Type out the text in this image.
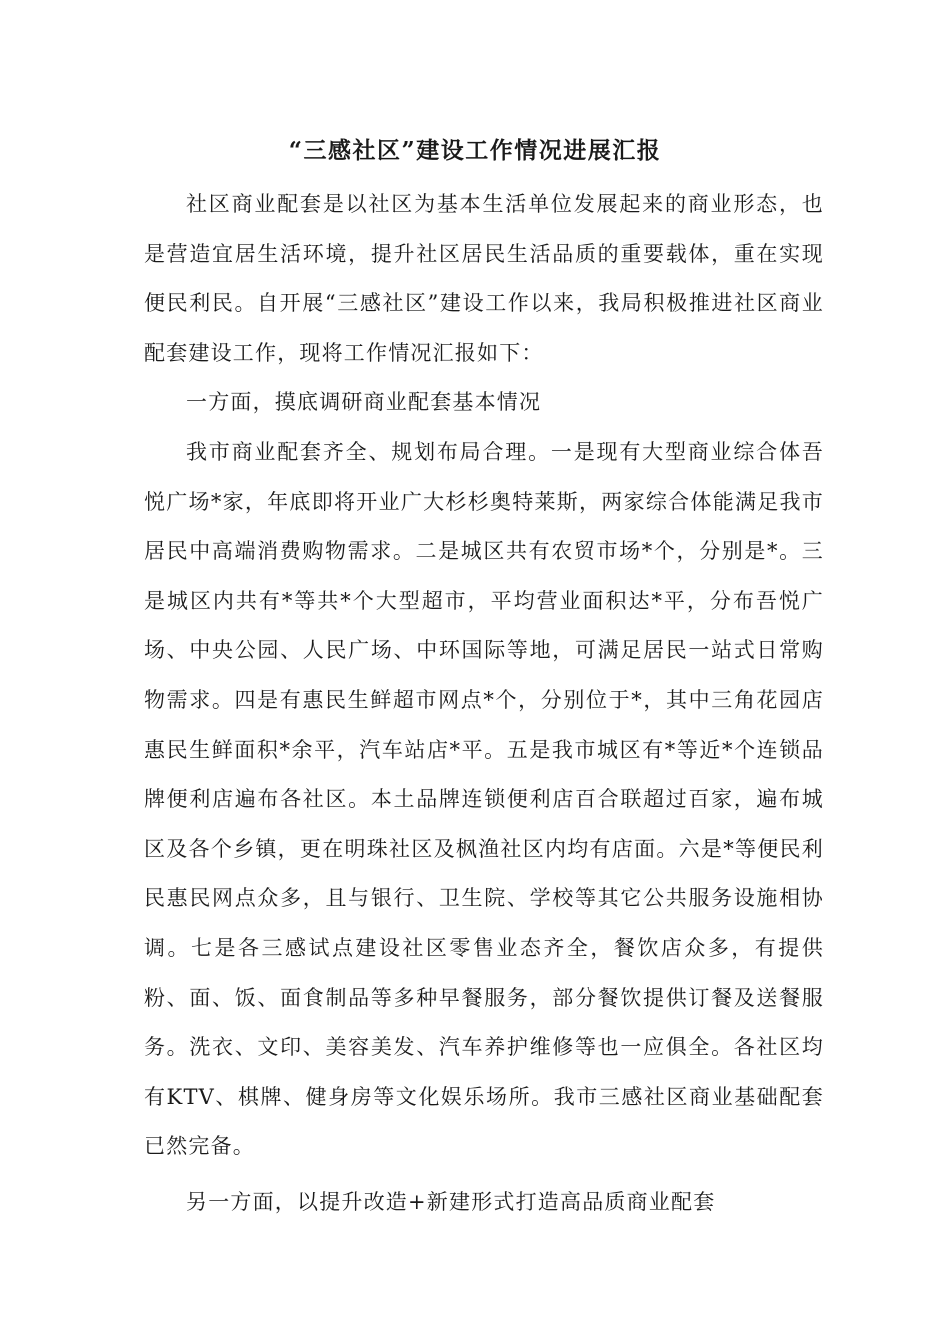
“三感社区”建设工作情况进展汇报

社区商业配套是以社区为基本生活单位发展起来的商业形态，也是营造宜居生活环境，提升社区居民生活品质的重要载体，重在实现便民利民。自开展“三感社区”建设工作以来，我局积极推进社区商业配套建设工作，现将工作情况汇报如下：

一方面，摸底调研商业配套基本情况

我市商业配套齐全、规划布局合理。一是现有大型商业综合体吾悦广场*家，年底即将开业广大杉杉奥特莱斯，两家综合体能满足我市居民中高端消费购物需求。二是城区共有农贸市场*个，分别是*。三是城区内共有*等共*个大型超市，平均营业面积达*平，分布吾悦广场、中央公园、人民广场、中环国际等地，可满足居民一站式日常购物需求。四是有惠民生鲜超市网点*个，分别位于*，其中三角花园店惠民生鲜面积*余平，汽车站店*平。五是我市城区有*等近*个连锁品牌便利店遍布各社区。本土品牌连锁便利店百合联超过百家，遍布城区及各个乡镇，更在明珠社区及枫渔社区内均有店面。六是*等便民利民惠民网点众多，且与银行、卫生院、学校等其它公共服务设施相协调。七是各三感试点建设社区零售业态齐全，餐饮店众多，有提供粉、面、饭、面食制品等多种早餐服务，部分餐饮提供订餐及送餐服务。洗衣、文印、美容美发、汽车养护维修等也一应俱全。各社区均有KTV、棋牌、健身房等文化娱乐场所。我市三感社区商业基础配套已然完备。

另一方面，以提升改造+新建形式打造高品质商业配套
